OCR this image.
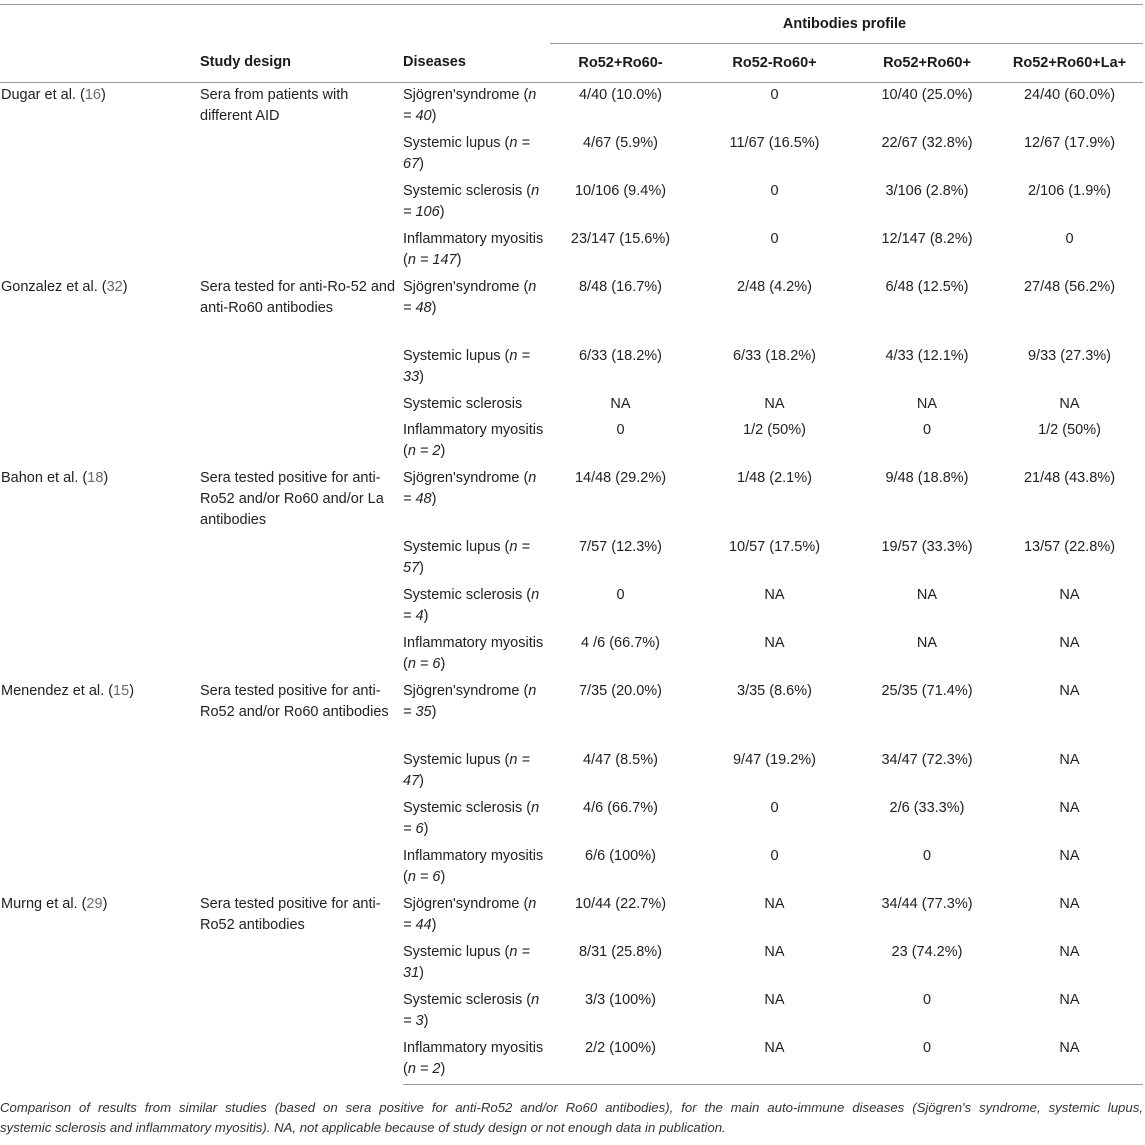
			Antibodies profile			
	Study design	Diseases	Ro52+Ro60-	Ro52-Ro60+	Ro52+Ro60+	Ro52+Ro60+La+
Dugar et al. (16)	Sera from patients with different AID	Sjögren'syndrome (n = 40)	4/40 (10.0%)	0	10/40 (25.0%)	24/40 (60.0%)
		Systemic lupus (n = 67)	4/67 (5.9%)	11/67 (16.5%)	22/67 (32.8%)	12/67 (17.9%)
		Systemic sclerosis (n = 106)	10/106 (9.4%)	0	3/106 (2.8%)	2/106 (1.9%)
		Inflammatory myositis (n = 147)	23/147 (15.6%)	0	12/147 (8.2%)	0
Gonzalez et al. (32)	Sera tested for anti-Ro-52 and anti-Ro60 antibodies	Sjögren'syndrome (n = 48)	8/48 (16.7%)	2/48 (4.2%)	6/48 (12.5%)	27/48 (56.2%)
		Systemic lupus (n = 33)	6/33 (18.2%)	6/33 (18.2%)	4/33 (12.1%)	9/33 (27.3%)
		Systemic sclerosis	NA	NA	NA	NA
		Inflammatory myositis (n = 2)	0	1/2 (50%)	0	1/2 (50%)
Bahon et al. (18)	Sera tested positive for anti-Ro52 and/or Ro60 and/or La antibodies	Sjögren'syndrome (n = 48)	14/48 (29.2%)	1/48 (2.1%)	9/48 (18.8%)	21/48 (43.8%)
		Systemic lupus (n = 57)	7/57 (12.3%)	10/57 (17.5%)	19/57 (33.3%)	13/57 (22.8%)
		Systemic sclerosis (n = 4)	0	NA	NA	NA
		Inflammatory myositis (n = 6)	4 /6 (66.7%)	NA	NA	NA
Menendez et al. (15)	Sera tested positive for anti-Ro52 and/or Ro60 antibodies	Sjögren'syndrome (n = 35)	7/35 (20.0%)	3/35 (8.6%)	25/35 (71.4%)	NA
		Systemic lupus (n = 47)	4/47 (8.5%)	9/47 (19.2%)	34/47 (72.3%)	NA
		Systemic sclerosis (n = 6)	4/6 (66.7%)	0	2/6 (33.3%)	NA
		Inflammatory myositis (n = 6)	6/6 (100%)	0	0	NA
Murng et al. (29)	Sera tested positive for anti-Ro52 antibodies	Sjögren'syndrome (n = 44)	10/44 (22.7%)	NA	34/44 (77.3%)	NA
		Systemic lupus (n = 31)	8/31 (25.8%)	NA	23 (74.2%)	NA
		Systemic sclerosis (n = 3)	3/3 (100%)	NA	0	NA
		Inflammatory myositis (n = 2)	2/2 (100%)	NA	0	NA
Comparison of results from similar studies (based on sera positive for anti-Ro52 and/or Ro60 antibodies), for the main auto-immune diseases (Sjögren's syndrome, systemic lupus,
systemic sclerosis and inflammatory myositis). NA, not applicable because of study design or not enough data in publication.
